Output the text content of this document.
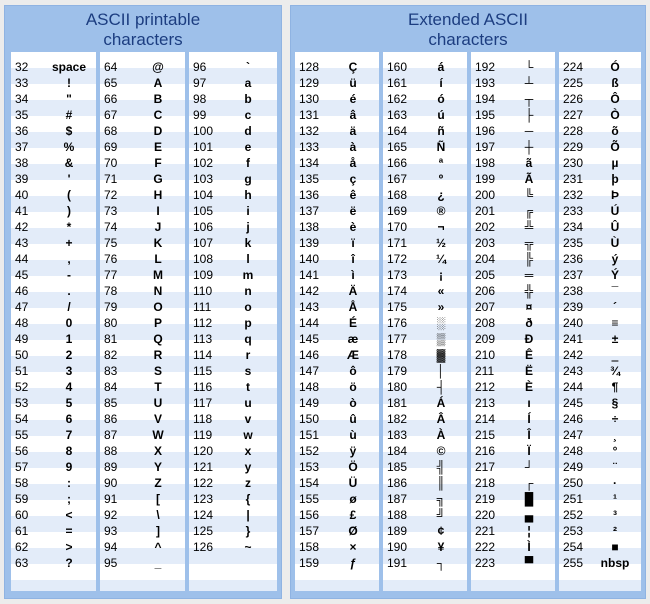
ASCII printable
characters
32	space
33	!
34	"
35	#
36	$
37	%
38	&
39	'
40	(
41	)
42	*
43	+
44	,
45	-
46	.
47	/
48	0
49	1
50	2
51	3
52	4
53	5
54	6
55	7
56	8
57	9
58	:
59	;
60	<
61	=
62	>
63	?
64	@
65	A
66	B
67	C
68	D
69	E
70	F
71	G
72	H
73	I
74	J
75	K
76	L
77	M
78	N
79	O
80	P
81	Q
82	R
83	S
84	T
85	U
86	V
87	W
88	X
89	Y
90	Z
91	[
92	\
93	]
94	^
95	_
96	`
97	a
98	b
99	c
100	d
101	e
102	f
103	g
104	h
105	i
106	j
107	k
108	l
109	m
110	n
111	o
112	p
113	q
114	r
115	s
116	t
117	u
118	v
119	w
120	x
121	y
122	z
123	{
124	|
125	}
126	~
Extended ASCII
characters
128	Ç
129	ü
130	é
131	â
132	ä
133	à
134	å
135	ç
136	ê
137	ë
138	è
139	ï
140	î
141	ì
142	Ä
143	Å
144	É
145	æ
146	Æ
147	ô
148	ö
149	ò
150	û
151	ù
152	ÿ
153	Ö
154	Ü
155	ø
156	£
157	Ø
158	×
159	ƒ
160	á
161	í
162	ó
163	ú
164	ñ
165	Ñ
166	ª
167	º
168	¿
169	®
170	¬
171	½
172	¼
173	¡
174	«
175	»
176	░
177	▒
178	▓
179	│
180	┤
181	Á
182	Â
183	À
184	©
185	╣
186	║
187	╗
188	╝
189	¢
190	¥
191	┐
192	└
193	┴
194	┬
195	├
196	─
197	┼
198	ã
199	Ã
200	╚
201	╔
202	╩
203	╦
204	╠
205	═
206	╬
207	¤
208	ð
209	Ð
210	Ê
211	Ë
212	È
213	ı
214	Í
215	Î
216	Ï
217	┘
218	┌
219	█
220	▄
221	¦
222	Ì
223	▀
224	Ó
225	ß
226	Ô
227	Ò
228	õ
229	Õ
230	µ
231	þ
232	Þ
233	Ú
234	Û
235	Ù
236	ý
237	Ý
238	¯
239	´
240	≡
241	±
242	‗
243	¾
244	¶
245	§
246	÷
247	¸
248	°
249	¨
250	·
251	¹
252	³
253	²
254	■
255	nbsp
